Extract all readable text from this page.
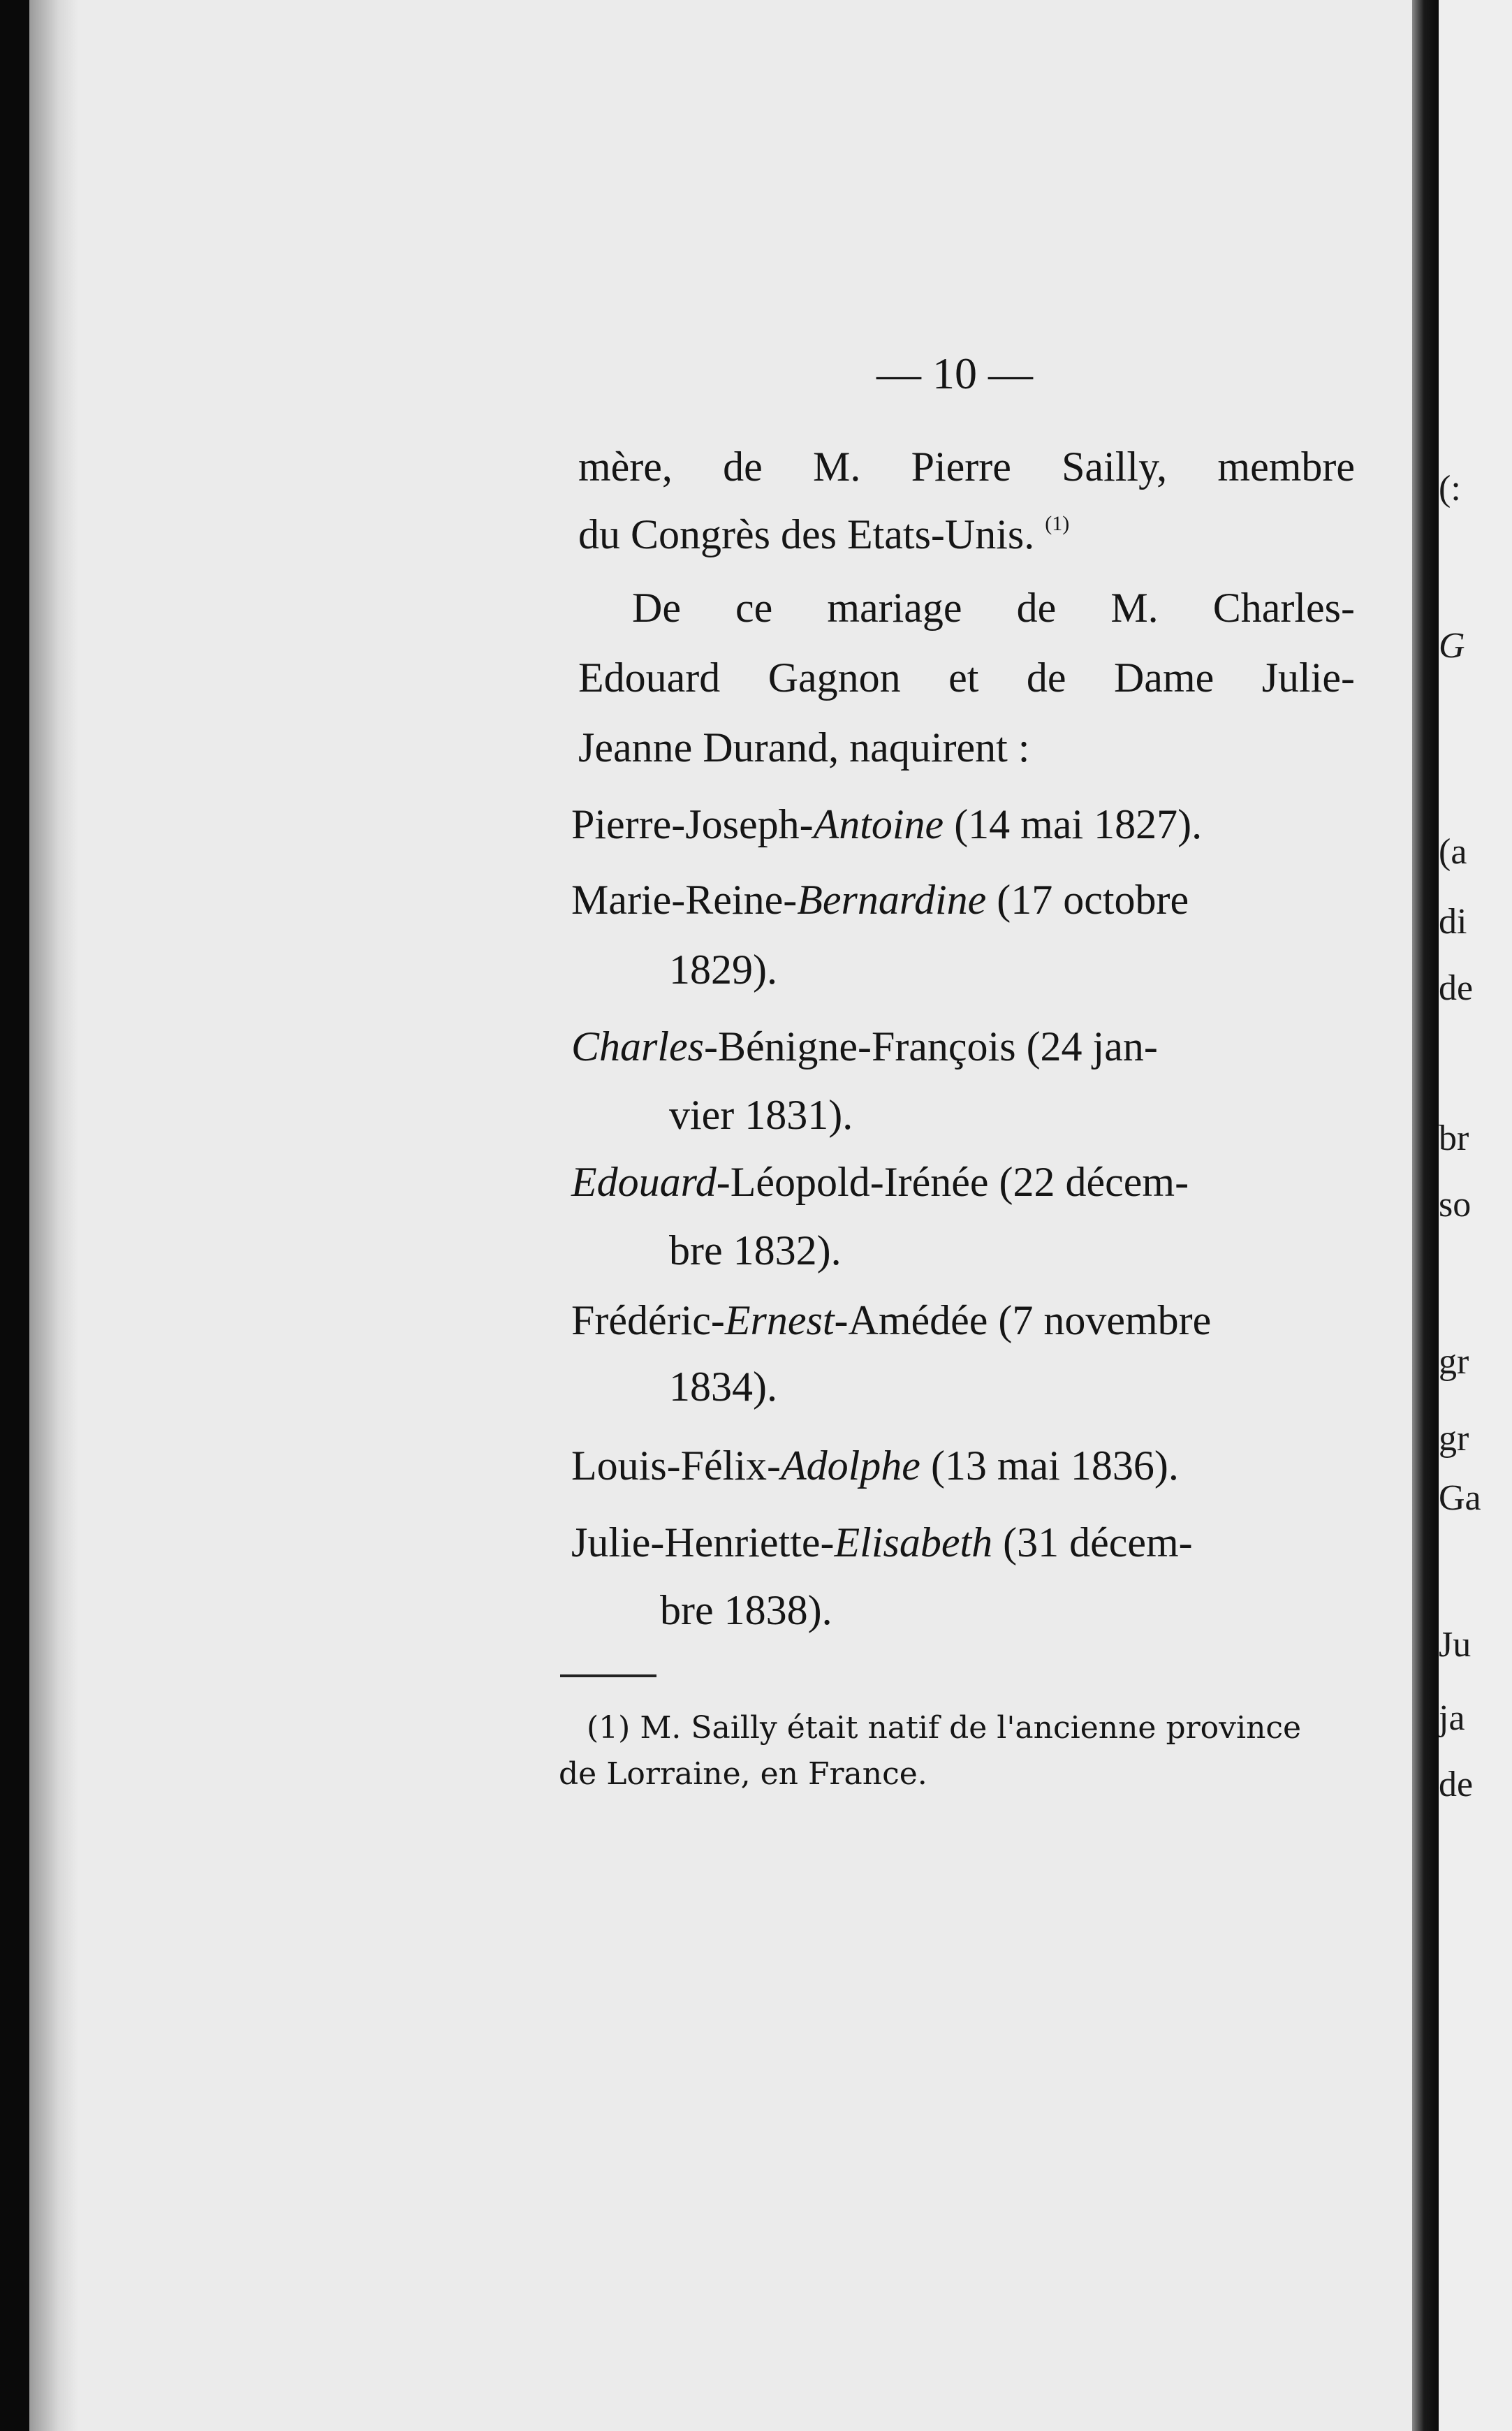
(:
G
(a
di
de
br
so
gr
gr
Ga
Ju
ja
de
— 10 —
mère, de M. Pierre Sailly, membre
du Congrès des Etats-Unis. $^{(1)}$
De ce mariage de M. Charles-
Edouard Gagnon et de Dame Julie-
Jeanne Durand, naquirent :
Pierre-Joseph-Antoine (14 mai 1827).
Marie-Reine-Bernardine (17 octobre
1829).
Charles-Bénigne-François (24 jan-
vier 1831).
Edouard-Léopold-Irénée (22 décem-
bre 1832).
Frédéric-Ernest-Amédée (7 novembre
1834).
Louis-Félix-Adolphe (13 mai 1836).
Julie-Henriette-Elisabeth (31 décem-
bre 1838).
(1) M. Sailly était natif de l'ancienne province
de Lorraine, en France.
